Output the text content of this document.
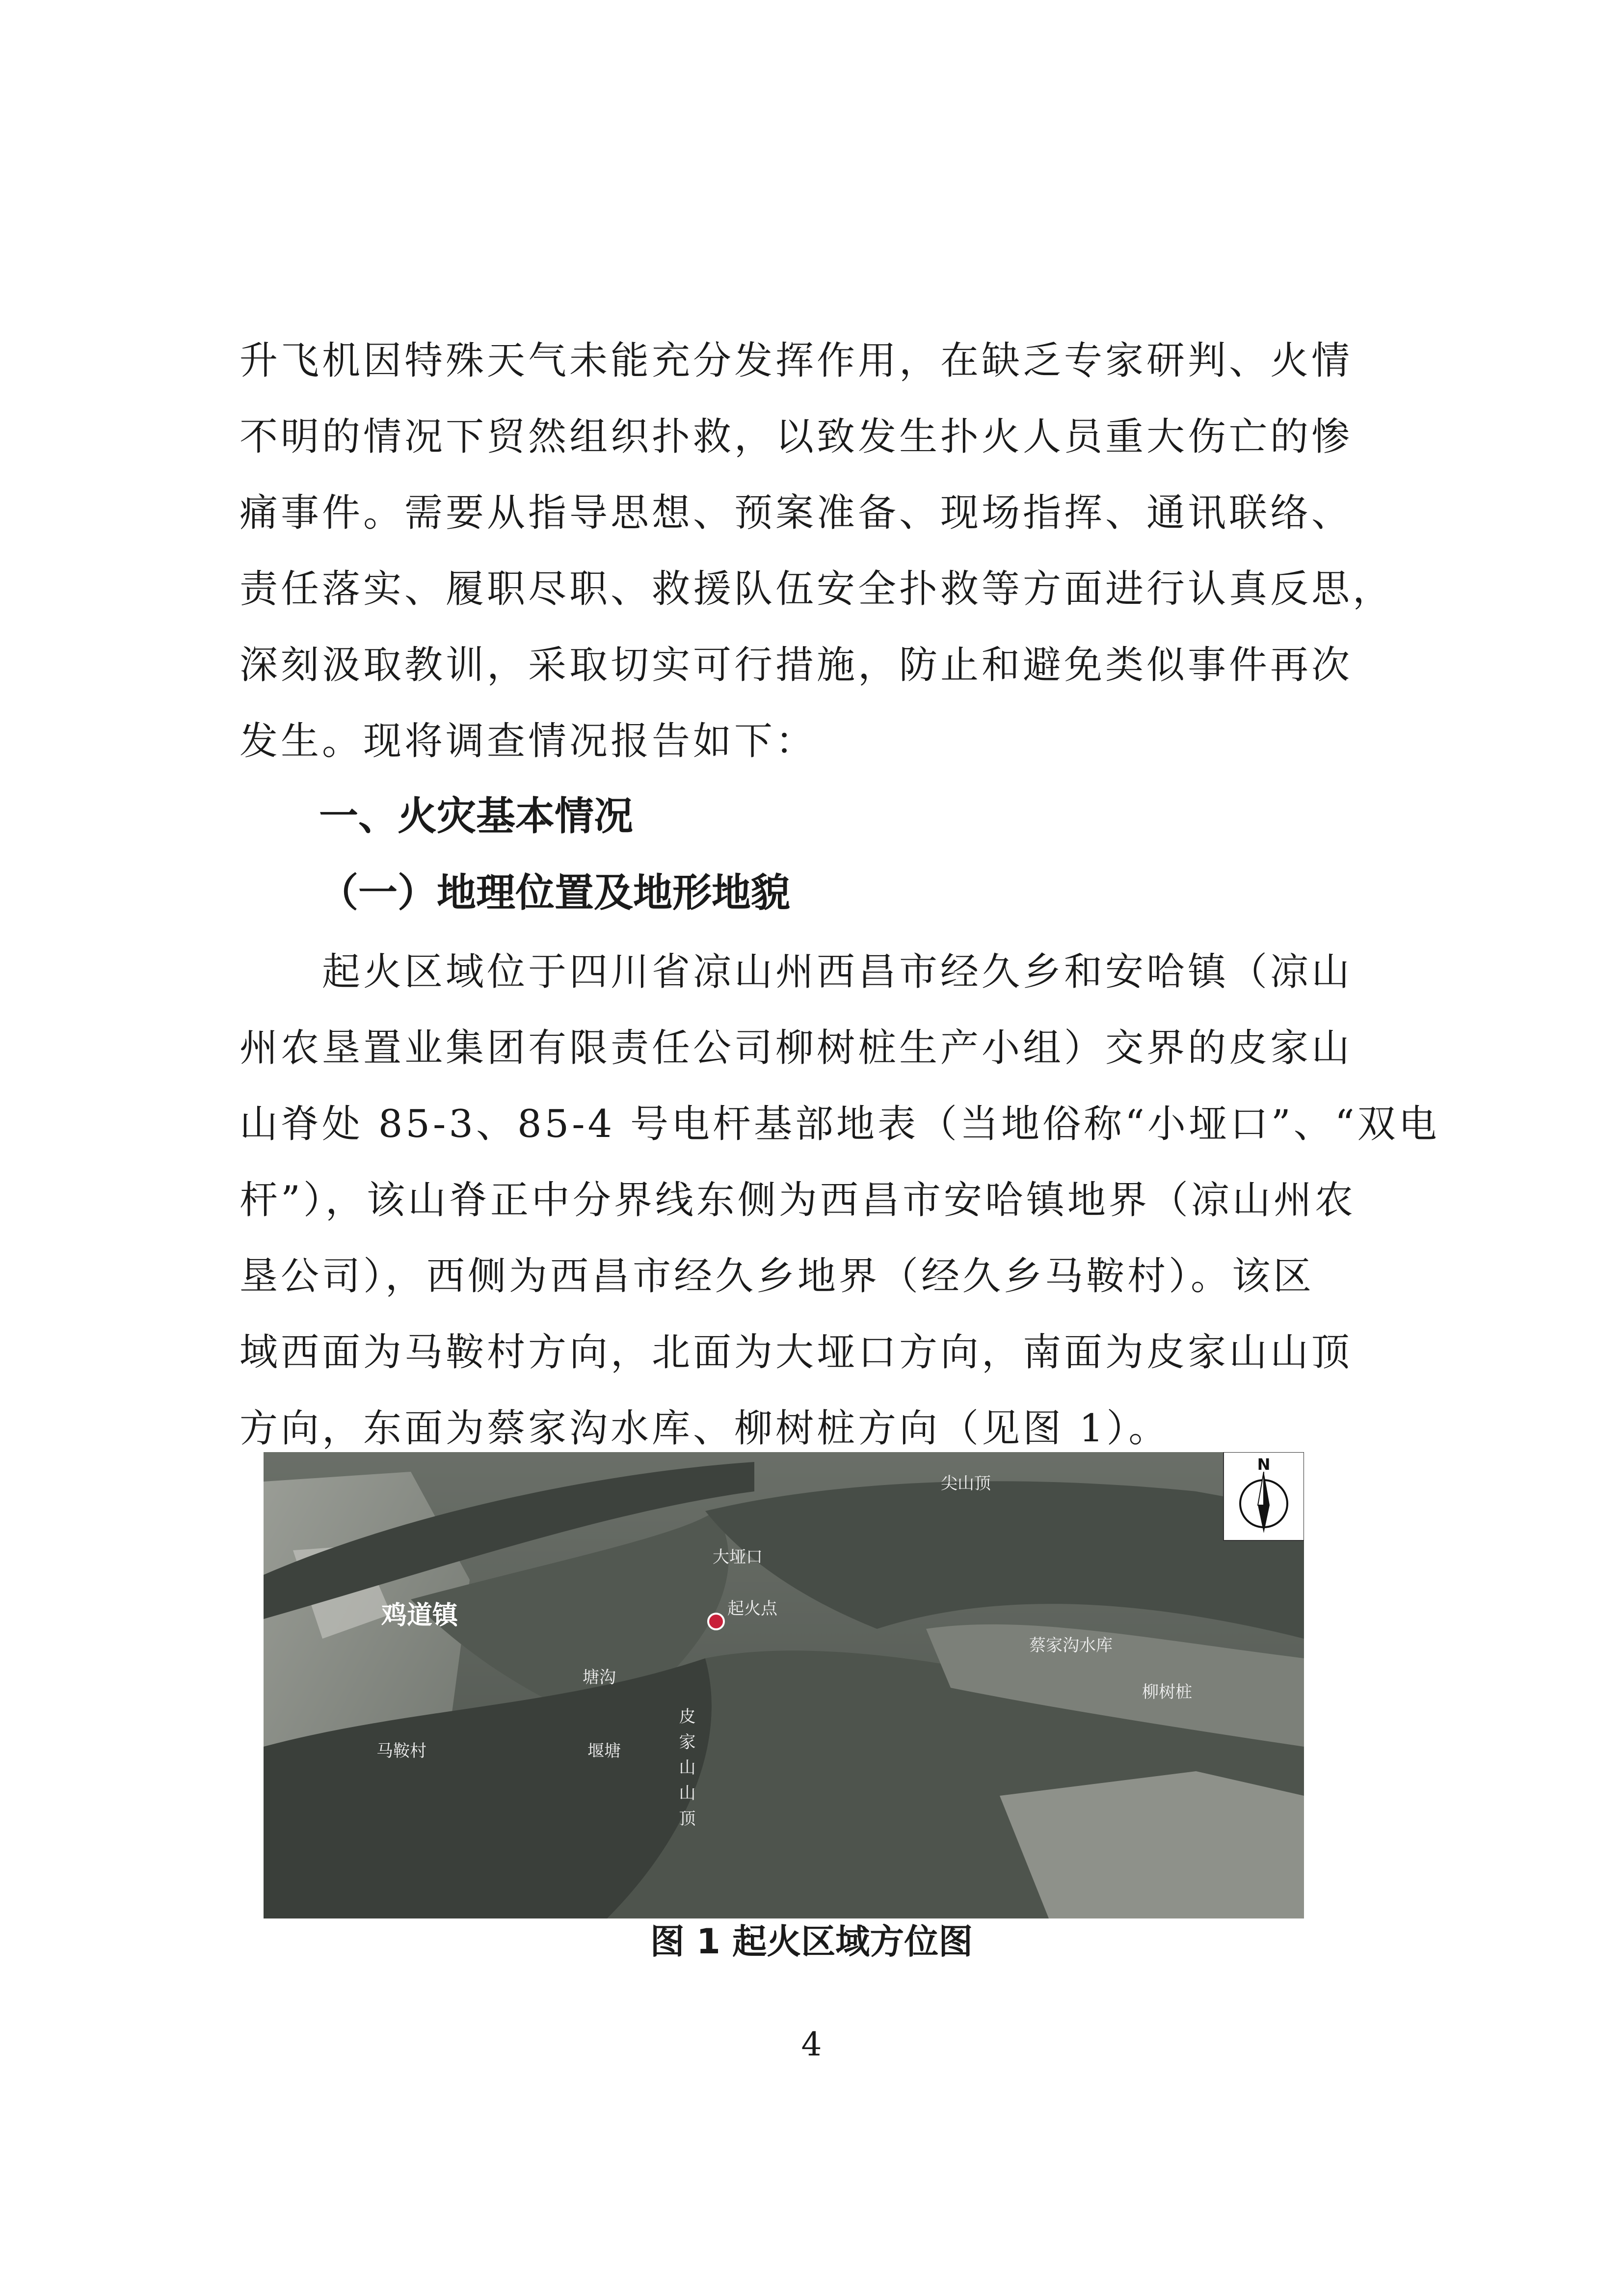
升飞机因特殊天气未能充分发挥作用，在缺乏专家研判、火情
不明的情况下贸然组织扑救，以致发生扑火人员重大伤亡的惨
痛事件。需要从指导思想、预案准备、现场指挥、通讯联络、
责任落实、履职尽职、救援队伍安全扑救等方面进行认真反思，
深刻汲取教训，采取切实可行措施，防止和避免类似事件再次
发生。现将调查情况报告如下：
一、火灾基本情况
（一）地理位置及地形地貌
　　起火区域位于四川省凉山州西昌市经久乡和安哈镇（凉山
州农垦置业集团有限责任公司柳树桩生产小组）交界的皮家山
山脊处 85-3、85-4 号电杆基部地表（当地俗称“小垭口”、“双电
杆”），该山脊正中分界线东侧为西昌市安哈镇地界（凉山州农
垦公司），西侧为西昌市经久乡地界（经久乡马鞍村）。该区
域西面为马鞍村方向，北面为大垭口方向，南面为皮家山山顶
方向，东面为蔡家沟水库、柳树桩方向（见图 1）。
鸡道镇
尖山顶
大垭口
起火点
塘沟
马鞍村	堰塘	皮家山山顶
蔡家沟水库
柳树桩
N
图 1 起火区域方位图
4
